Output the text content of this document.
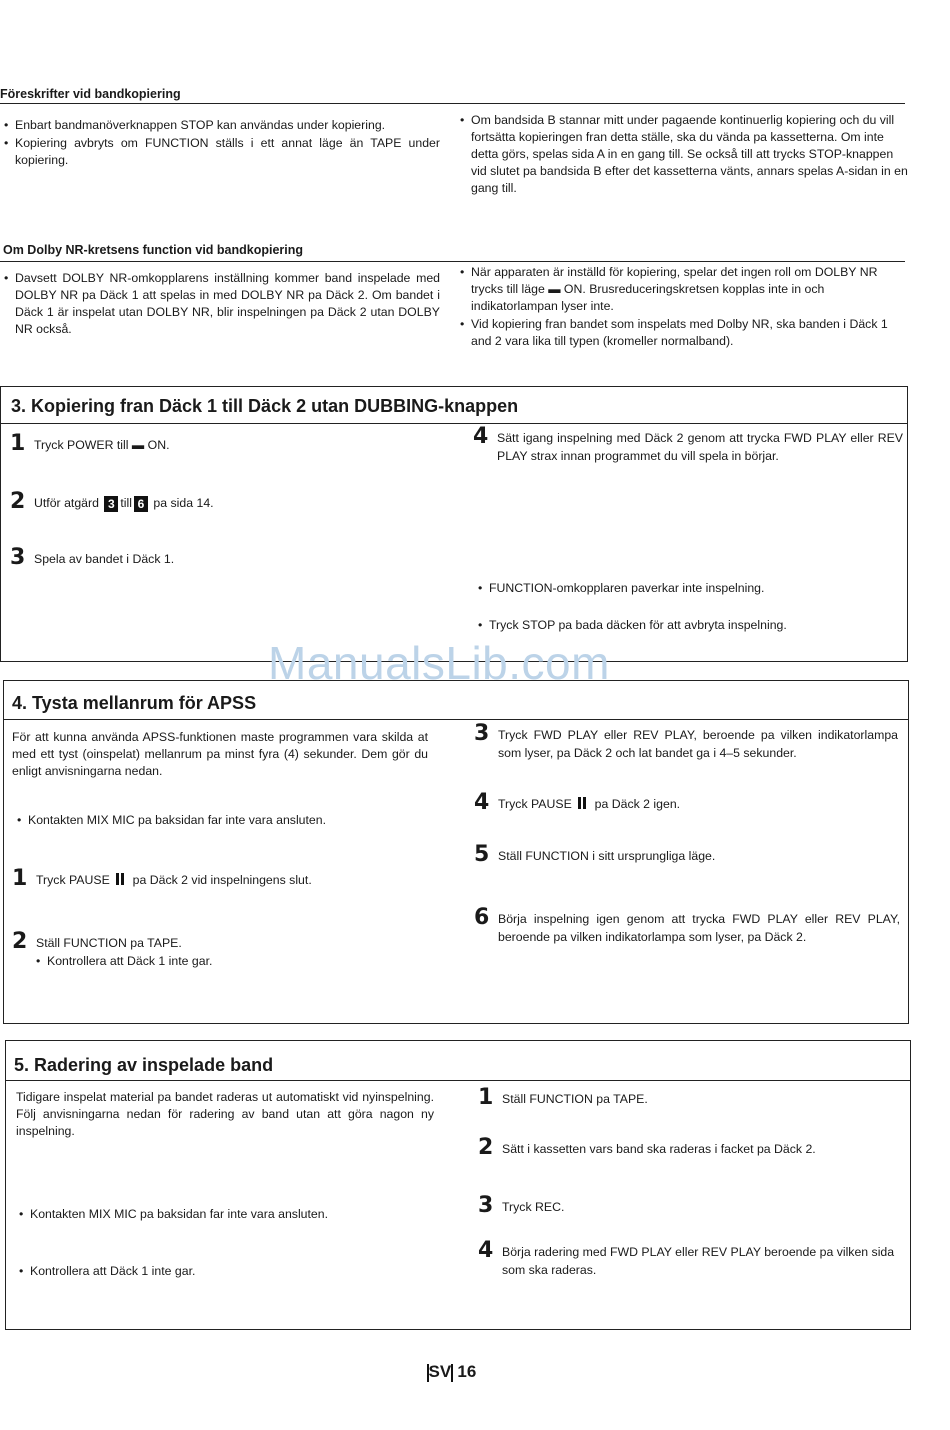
Föreskrifter vid bandkopiering
• Enbart bandmanöverknappen STOP kan användas under kopiering.
• Kopiering avbryts om FUNCTION ställs i ett annat läge än TAPE under kopiering.
• Om bandsida B stannar mitt under pagaende kontinuerlig kopiering och du vill fortsätta kopieringen fran detta ställe, ska du vända pa kassetterna. Om inte detta görs, spelas sida A in en gang till. Se också till att trycks STOP-knappen vid slutet pa bandsida B efter det kassetterna vänts, annars spelas A-sidan in en gang till.
Om Dolby NR-kretsens function vid bandkopiering
• Davsett DOLBY NR-omkopplarens inställning kommer band inspelade med DOLBY NR pa Däck 1 att spelas in med DOLBY NR pa Däck 2. Om bandet i Däck 1 är inspelat utan DOLBY NR, blir inspelningen pa Däck 2 utan DOLBY NR också.
• När apparaten är inställd för kopiering, spelar det ingen roll om DOLBY NR trycks till läge ▬ ON. Brusreduceringskretsen kopplas inte in och indikatorlampan lyser inte.
• Vid kopiering fran bandet som inspelats med Dolby NR, ska banden i Däck 1 and 2 vara lika till typen (kromeller normalband).
3. Kopiering fran Däck 1 till Däck 2 utan DUBBING-knappen
1 Tryck POWER till ▬ ON.
2 Utför atgärd 3 till 6 pa sida 14.
3 Spela av bandet i Däck 1.
4 Sätt igang inspelning med Däck 2 genom att trycka FWD PLAY eller REV PLAY strax innan programmet du vill spela in börjar.
• FUNCTION-omkopplaren paverkar inte inspelning.
• Tryck STOP pa bada däcken för att avbryta inspelning.
ManualsLib.com
4. Tysta mellanrum för APSS
För att kunna använda APSS-funktionen maste programmen vara skilda at med ett tyst (oinspelat) mellanrum pa minst fyra (4) sekunder. Dem gör du enligt anvisningarna nedan.
• Kontakten MIX MIC pa baksidan far inte vara ansluten.
1 Tryck PAUSE pa Däck 2 vid inspelningens slut.
2 Ställ FUNCTION pa TAPE.
• Kontrollera att Däck 1 inte gar.
3 Tryck FWD PLAY eller REV PLAY, beroende pa vilken indikatorlampa som lyser, pa Däck 2 och lat bandet ga i 4–5 sekunder.
4 Tryck PAUSE pa Däck 2 igen.
5 Ställ FUNCTION i sitt ursprungliga läge.
6 Börja inspelning igen genom att trycka FWD PLAY eller REV PLAY, beroende pa vilken indikatorlampa som lyser, pa Däck 2.
5. Radering av inspelade band
Tidigare inspelat material pa bandet raderas ut automatiskt vid nyinspelning. Följ anvisningarna nedan för radering av band utan att göra nagon ny inspelning.
• Kontakten MIX MIC pa baksidan far inte vara ansluten.
• Kontrollera att Däck 1 inte gar.
1 Ställ FUNCTION pa TAPE.
2 Sätt i kassetten vars band ska raderas i facket pa Däck 2.
3 Tryck REC.
4 Börja radering med FWD PLAY eller REV PLAY beroende pa vilken sida som ska raderas.
SV 16
